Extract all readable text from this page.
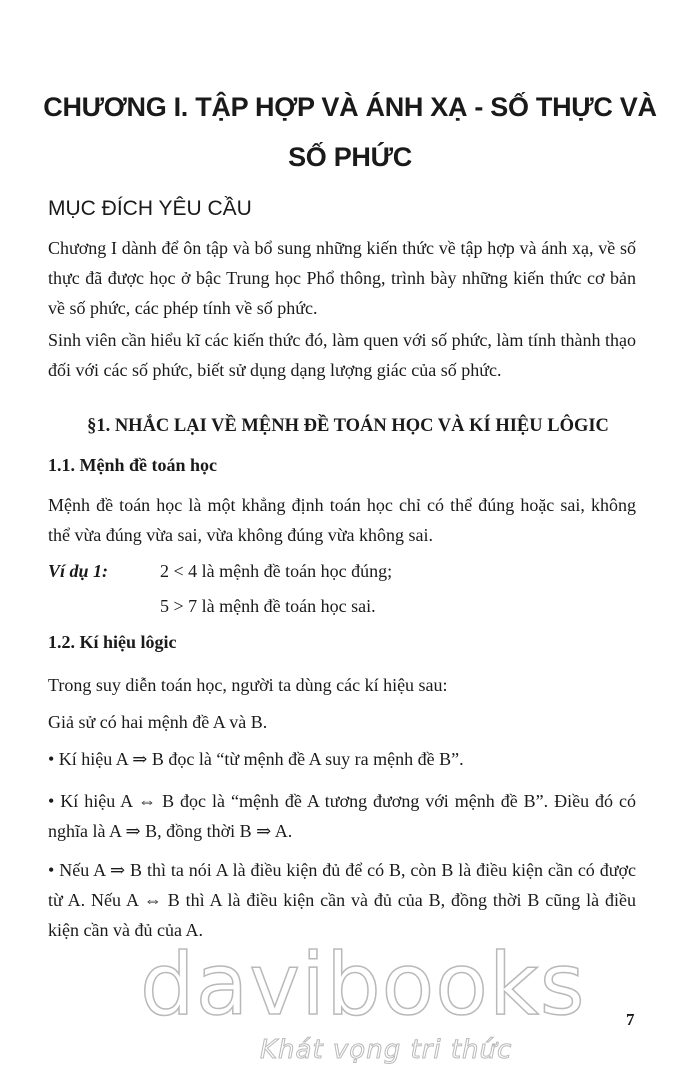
CHƯƠNG I. TẬP HỢP VÀ ÁNH XẠ - SỐ THỰC VÀ
SỐ PHỨC
MỤC ĐÍCH YÊU CẦU

Chương I dành để ôn tập và bổ sung những kiến thức về tập hợp và ánh xạ, về số thực đã được học ở bậc Trung học Phổ thông, trình bày những kiến thức cơ bản về số phức, các phép tính về số phức.

Sinh viên cần hiểu kĩ các kiến thức đó, làm quen với số phức, làm tính thành thạo đối với các số phức, biết sử dụng dạng lượng giác của số phức.

§1. NHẮC LẠI VỀ MỆNH ĐỀ TOÁN HỌC VÀ KÍ HIỆU LÔGIC
1.1. Mệnh đề toán học

Mệnh đề toán học là một khẳng định toán học chỉ có thể đúng hoặc sai, không thể vừa đúng vừa sai, vừa không đúng vừa không sai.

Ví dụ 1:	2 < 4 là mệnh đề toán học đúng;

5 > 7 là mệnh đề toán học sai.

1.2. Kí hiệu lôgic

Trong suy diễn toán học, người ta dùng các kí hiệu sau:

Giả sử có hai mệnh đề A và B.

• Kí hiệu A ⇒ B đọc là “từ mệnh đề A suy ra mệnh đề B”.

• Kí hiệu A ⇔ B đọc là “mệnh đề A tương đương với mệnh đề B”. Điều đó có nghĩa là A ⇒ B, đồng thời B ⇒ A.

• Nếu A ⇒ B thì ta nói A là điều kiện đủ để có B, còn B là điều kiện cần có được từ A. Nếu A ⇔ B thì A là điều kiện cần và đủ của B, đồng thời B cũng là điều kiện cần và đủ của A.

7
davibooks
Khát vọng tri thức
